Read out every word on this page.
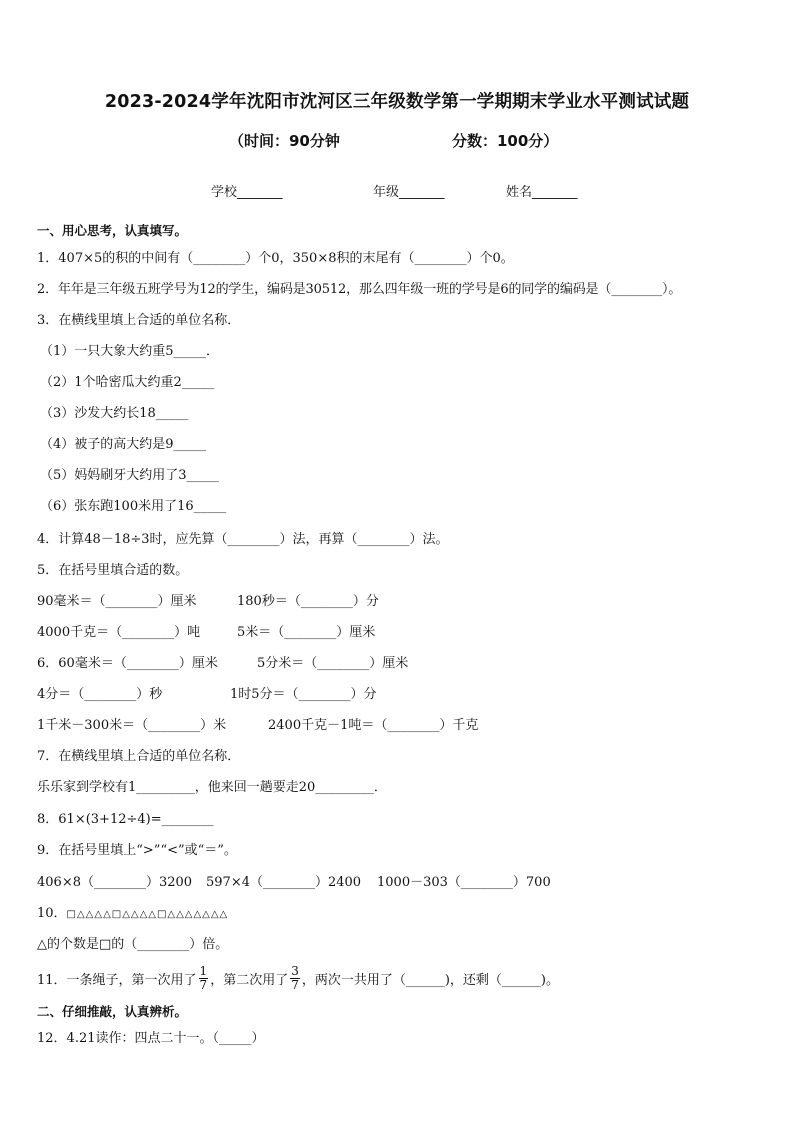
2023-2024学年沈阳市沈河区三年级数学第一学期期末学业水平测试试题
（时间：90分钟	分数：100分）
学校_______	年级_______	姓名_______
一、用心思考，认真填写。
1．407×5的积的中间有（________）个0，350×8积的末尾有（________）个0。
2．年年是三年级五班学号为12的学生，编码是30512，那么四年级一班的学号是6的同学的编码是（________）。
3．在横线里填上合适的单位名称．
（1）一只大象大约重5_____．
（2）1个哈密瓜大约重2_____
（3）沙发大约长18_____
（4）被子的高大约是9_____
（5）妈妈刷牙大约用了3_____
（6）张东跑100米用了16_____
4．计算48－18÷3时，应先算（________）法，再算（________）法。
5．在括号里填合适的数。
90毫米＝（________）厘米	180秒＝（________）分
4000千克＝（________）吨	5米＝（________）厘米
6．60毫米＝（________）厘米	5分米＝（________）厘米
4分＝（________）秒	1时5分＝（________）分
1千米－300米＝（________）米	2400千克－1吨＝（________）千克
7．在横线里填上合适的单位名称．
乐乐家到学校有1_________，他来回一趟要走20_________．
8．61×(3+12÷4)=________
9．在括号里填上“>”“<”或“＝”。
406×8（________）3200 597×4（________）2400 1000－303（________）700
10．□△△△△□△△△△□△△△△△△△
△的个数是□的（________）倍。
11．一条绳子，第一次用了 $\frac{1}{7}$ ，第二次用了 $\frac{3}{7}$ ，两次一共用了（______)，还剩（______)。
二、仔细推敲，认真辨析。
12．4.21读作：四点二十一。（_____）
